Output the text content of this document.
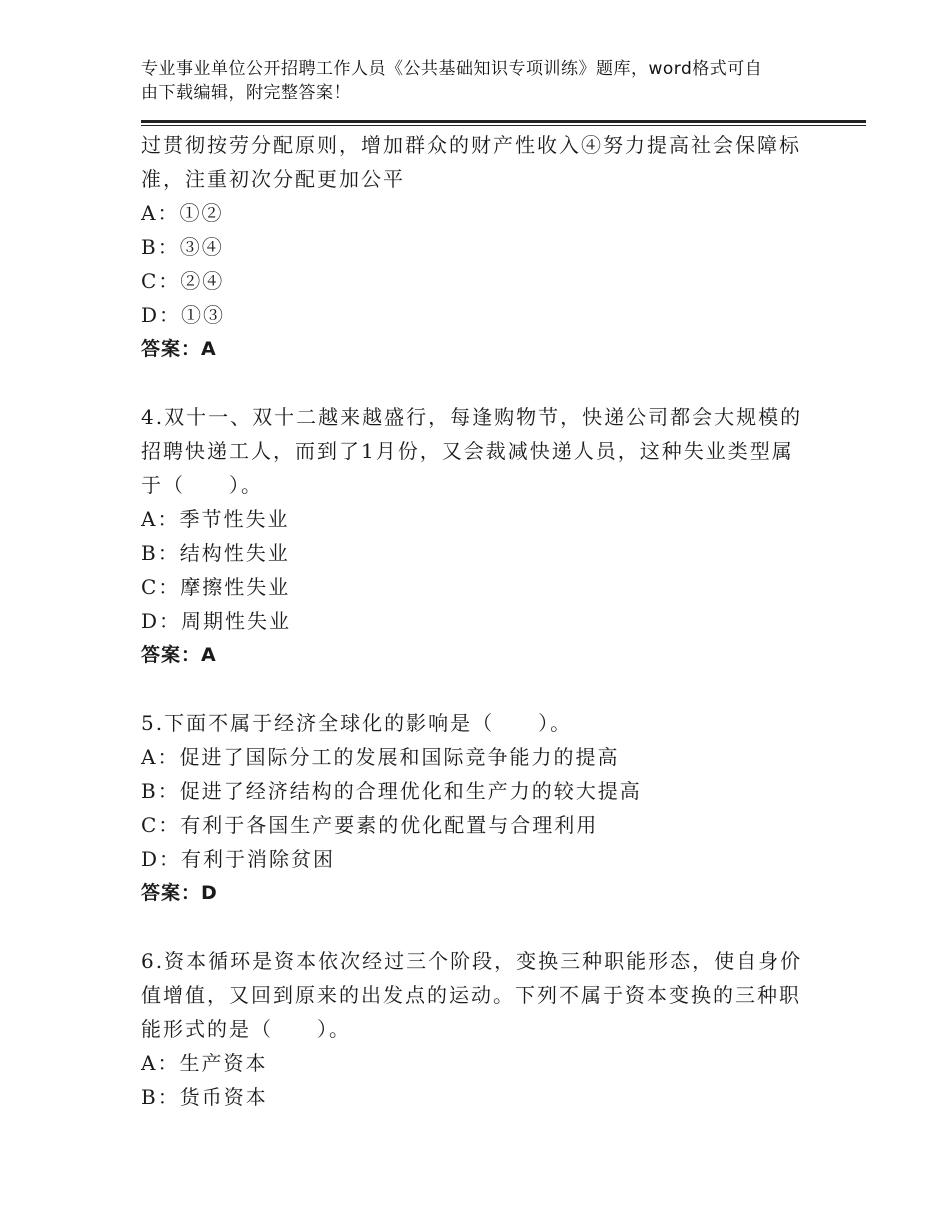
专业事业单位公开招聘工作人员《公共基础知识专项训练》题库，word格式可自
由下载编辑，附完整答案！
过贯彻按劳分配原则，增加群众的财产性收入④努力提高社会保障标
准，注重初次分配更加公平
A：①②
B：③④
C：②④
D：①③
答案：A
4.双十一、双十二越来越盛行，每逢购物节，快递公司都会大规模的
招聘快递工人，而到了1月份，又会裁减快递人员，这种失业类型属
于（　　）。
A：季节性失业
B：结构性失业
C：摩擦性失业
D：周期性失业
答案：A
5.下面不属于经济全球化的影响是（　　）。
A：促进了国际分工的发展和国际竞争能力的提高
B：促进了经济结构的合理优化和生产力的较大提高
C：有利于各国生产要素的优化配置与合理利用
D：有利于消除贫困
答案：D
6.资本循环是资本依次经过三个阶段，变换三种职能形态，使自身价
值增值，又回到原来的出发点的运动。下列不属于资本变换的三种职
能形式的是（　　）。
A：生产资本
B：货币资本
